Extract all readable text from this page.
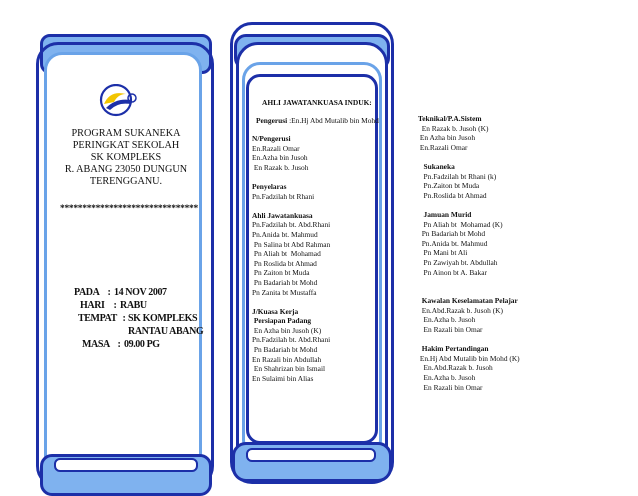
PROGRAM SUKANEKA
PERINGKAT SEKOLAH
SK KOMPLEKS
R. ABANG 23050 DUNGUN
TERENGGANU.
*******************************
PADA : 14 NOV 2007
HARI : RABU
TEMPAT : SK KOMPLEKS
RANTAU ABANG
MASA : 09.00 PG
AHLI JAWATANKUASA INDUK:
Pengerusi :En.Hj Abd Mutalib bin Mohd
N/Pengerusi
En.Razali Omar
En.Azha bin Jusoh
En Razak b. Jusoh
Penyelaras
Pn.Fadzilah bt Rhani
Ahli Jawatankuasa
Pn.Fadzilah bt. Abd.Rhani
Pn.Anida bt. Mahmud
Pn Salina bt Abd Rahman
Pn Aliah bt  Mohamad
Pn Roslida bt Ahmad
Pn Zaiton bt Muda
Pn Badariah bt Mohd
Pn Zanita bt Mustaffa
J/Kuasa Kerja
Persiapan Padang
En Azha bin Jusoh (K)
Pn.Fadzilah bt. Abd.Rhani
Pn Badariah bt Mohd
En Razali bin Abdullah
En Shahrizan bin Ismail
En Sulaimi bin Alias
Teknikal/P.A.Sistem
En Razak b. Jusoh (K)
En Azha bin Jusoh
En.Razali Omar
Sukaneka
Pn.Fadzilah bt Rhani (k)
Pn.Zaiton bt Muda
Pn.Roslida bt Ahmad
Jamuan Murid
Pn Aliah bt  Mohamad (K)
Pn Badariah bt Mohd
Pn.Anida bt. Mahmud
Pn Mani bt Ali
Pn Zawiyah bt. Abdullah
Pn Ainon bt A. Bakar
Kawalan Keselamatan Pelajar
En.Abd.Razak b. Jusoh (K)
En.Azha b. Jusoh
En Razali bin Omar
Hakim Pertandingan
En.Hj Abd Mutalib bin Mohd (K)
En.Abd.Razak b. Jusoh
En.Azha b. Jusoh
En Razali bin Omar
